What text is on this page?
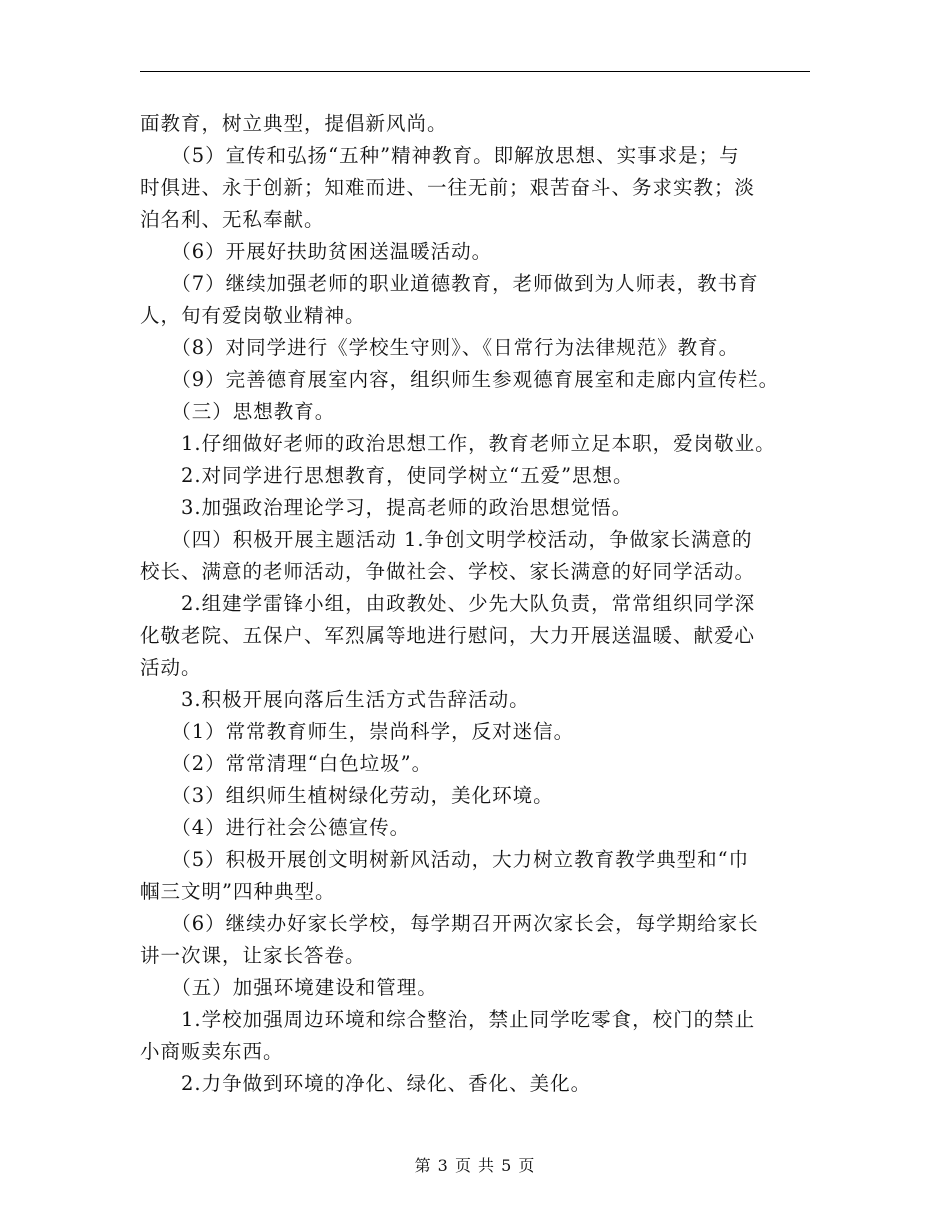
面教育，树立典型，提倡新风尚。
　　（5）宣传和弘扬“五种”精神教育。即解放思想、实事求是；与
时俱进、永于创新；知难而进、一往无前；艰苦奋斗、务求实教；淡
泊名利、无私奉献。
　　（6）开展好扶助贫困送温暖活动。
　　（7）继续加强老师的职业道德教育，老师做到为人师表，教书育
人，旬有爱岗敬业精神。
　　（8）对同学进行《学校生守则》、《日常行为法律规范》教育。
　　（9）完善德育展室内容，组织师生参观德育展室和走廊内宣传栏。
　　（三）思想教育。
　　1.仔细做好老师的政治思想工作，教育老师立足本职，爱岗敬业。
　　2.对同学进行思想教育，使同学树立“五爱”思想。
　　3.加强政治理论学习，提高老师的政治思想觉悟。
　　（四）积极开展主题活动 1.争创文明学校活动，争做家长满意的
校长、满意的老师活动，争做社会、学校、家长满意的好同学活动。
　　2.组建学雷锋小组，由政教处、少先大队负责，常常组织同学深
化敬老院、五保户、军烈属等地进行慰问，大力开展送温暖、献爱心
活动。
　　3.积极开展向落后生活方式告辞活动。
　　（1）常常教育师生，崇尚科学，反对迷信。
　　（2）常常清理“白色垃圾”。
　　（3）组织师生植树绿化劳动，美化环境。
　　（4）进行社会公德宣传。
　　（5）积极开展创文明树新风活动，大力树立教育教学典型和“巾
帼三文明”四种典型。
　　（6）继续办好家长学校，每学期召开两次家长会，每学期给家长
讲一次课，让家长答卷。
　　（五）加强环境建设和管理。
　　1.学校加强周边环境和综合整治，禁止同学吃零食，校门的禁止
小商贩卖东西。
　　2.力争做到环境的净化、绿化、香化、美化。
第 3 页 共 5 页
